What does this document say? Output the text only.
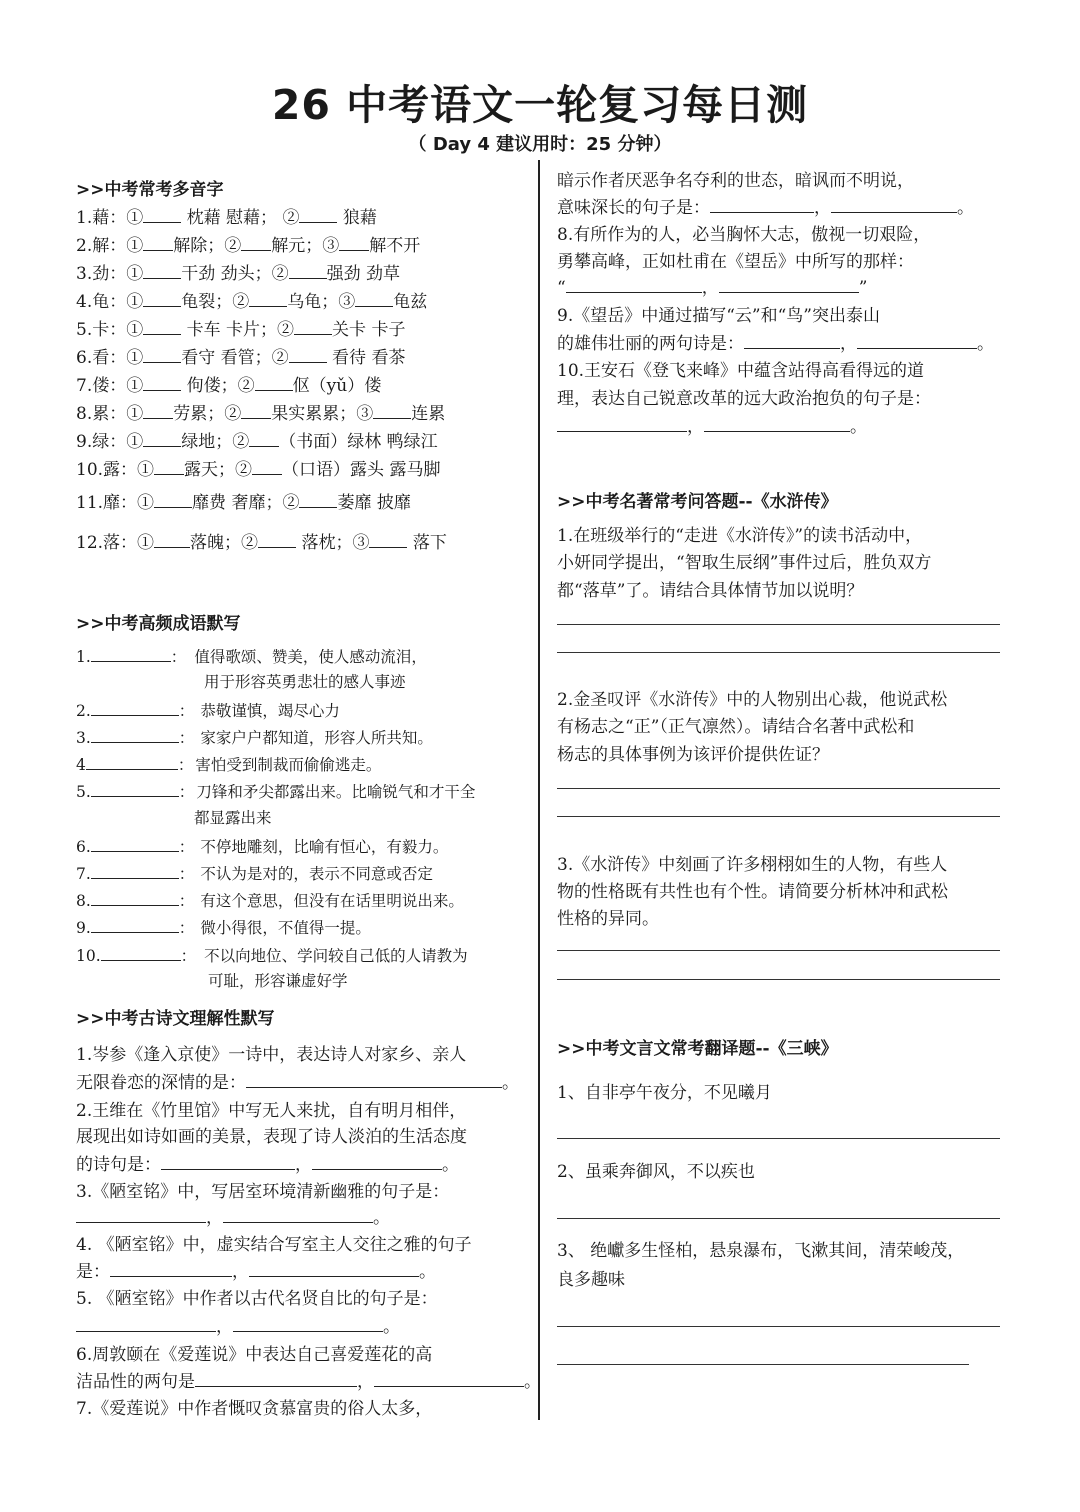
26 中考语文一轮复习每日测
（ Day 4 建议用时：25 分钟）
>>中考常考多音字
1.藉：①	枕藉 慰藉； ②	狼藉
2.解：① 解除；② 解元；③ 解不开
3.劲：① 干劲 劲头；② 强劲 劲草
4.龟：① 龟裂；② 乌龟；③ 龟兹
5.卡：①	卡车 卡片；② 关卡 卡子
6.看：① 看守 看管；②	看待 看茶
7.偻：①	佝偻；② 伛（yǔ）偻
8.累：① 劳累；② 果实累累；③ 连累
9.绿：① 绿地；② （书面）绿林 鸭绿江
10.露：① 露天；② （口语）露头 露马脚
11.靡：① 靡费 奢靡；② 萎靡 披靡
12.落：① 落魄；②	落枕；③	落下
>>中考高频成语默写
1.	： 值得歌颂、赞美，使人感动流泪，
用于形容英勇悲壮的感人事迹
2.	： 恭敬谨慎，竭尽心力
3.	： 家家户户都知道，形容人所共知。
4	： 害怕受到制裁而偷偷逃走。
5.	： 刀锋和矛尖都露出来。比喻锐气和才干全
都显露出来
6.	： 不停地雕刻，比喻有恒心，有毅力。
7.	： 不认为是对的，表示不同意或否定
8.	： 有这个意思，但没有在话里明说出来。
9.	： 微小得很，不值得一提。
10.	： 不以向地位、学问较自己低的人请教为
可耻，形容谦虚好学
>>中考古诗文理解性默写
1.岑参《逢入京使》一诗中，表达诗人对家乡、亲人
无限眷恋的深情的是：	。
2.王维在《竹里馆》中写无人来扰，自有明月相伴，
展现出如诗如画的美景，表现了诗人淡泊的生活态度
的诗句是：	，	。
3.《陋室铭》中，写居室环境清新幽雅的句子是：
，	。
4. 《陋室铭》中，虚实结合写室主人交往之雅的句子
是：	，	。
5. 《陋室铭》中作者以古代名贤自比的句子是：
，	。
6.周敦颐在《爱莲说》中表达自己喜爱莲花的高
洁品性的两句是	，	。
7.《爱莲说》中作者慨叹贪慕富贵的俗人太多，
暗示作者厌恶争名夺利的世态，暗讽而不明说，
意味深长的句子是：	，	。
8.有所作为的人，必当胸怀大志，傲视一切艰险，
勇攀高峰，正如杜甫在《望岳》中所写的那样：
“	，	”
9.《望岳》中通过描写“云”和“鸟”突出泰山
的雄伟壮丽的两句诗是：	，	。
10.王安石《登飞来峰》中蕴含站得高看得远的道
理，表达自己锐意改革的远大政治抱负的句子是：
，	。
>>中考名著常考问答题--《水浒传》
1.在班级举行的“走进《水浒传》”的读书活动中，
小妍同学提出，“智取生辰纲”事件过后，胜负双方
都“落草”了。请结合具体情节加以说明？
2.金圣叹评《水浒传》中的人物别出心裁，他说武松
有杨志之“正”（正气凛然）。请结合名著中武松和
杨志的具体事例为该评价提供佐证？
3.《水浒传》中刻画了许多栩栩如生的人物，有些人
物的性格既有共性也有个性。请简要分析林冲和武松
性格的异同。
>>中考文言文常考翻译题--《三峡》
1、自非亭午夜分，不见曦月
2、虽乘奔御风，不以疾也
3、 绝巘多生怪柏，悬泉瀑布，飞漱其间，清荣峻茂，
良多趣味
